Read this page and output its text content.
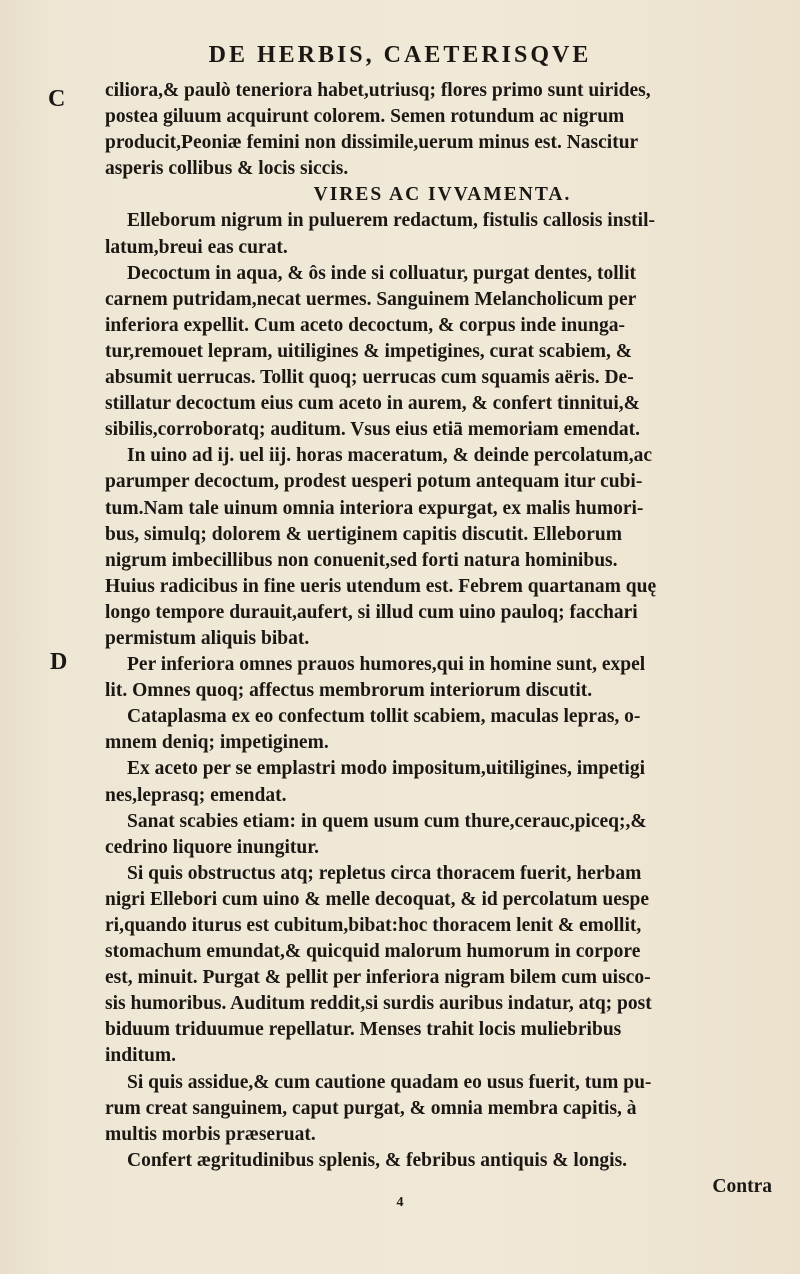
DE HERBIS, CAETERISQVE
C
D
ciliora,& paulò teneriora habet,utriusq; flores primo sunt uirides,
postea giluum acquirunt colorem. Semen rotundum ac nigrum
producit,Peoniæ femini non dissimile,uerum minus est. Nascitur
asperis collibus & locis siccis.
VIRES AC IVVAMENTA.
Elleborum nigrum in puluerem redactum, fistulis callosis instil-
latum,breui eas curat.
Decoctum in aqua, & ôs inde si colluatur, purgat dentes, tollit
carnem putridam,necat uermes. Sanguinem Melancholicum per
inferiora expellit. Cum aceto decoctum, & corpus inde inunga-
tur,remouet lepram, uitiligines & impetigines, curat scabiem, &
absumit uerrucas. Tollit quoq; uerrucas cum squamis aëris. De-
stillatur decoctum eius cum aceto in aurem, & confert tinnitui,&
sibilis,corroboratq; auditum. Vsus eius etiā memoriam emendat.
In uino ad ij. uel iij. horas maceratum, & deinde percolatum,ac
parumper decoctum, prodest uesperi potum antequam itur cubi-
tum.Nam tale uinum omnia interiora expurgat, ex malis humori-
bus, simulq; dolorem & uertiginem capitis discutit. Elleborum
nigrum imbecillibus non conuenit,sed forti natura hominibus.
Huius radicibus in fine ueris utendum est. Febrem quartanam quę
longo tempore durauit,aufert, si illud cum uino pauloq; facchari
permistum aliquis bibat.
Per inferiora omnes prauos humores,qui in homine sunt, expel
lit. Omnes quoq; affectus membrorum interiorum discutit.
Cataplasma ex eo confectum tollit scabiem, maculas lepras, o-
mnem deniq; impetiginem.
Ex aceto per se emplastri modo impositum,uitiligines, impetigi
nes,leprasq; emendat.
Sanat scabies etiam: in quem usum cum thure,cerauc,piceq;,&
cedrino liquore inungitur.
Si quis obstructus atq; repletus circa thoracem fuerit, herbam
nigri Ellebori cum uino & melle decoquat, & id percolatum uespe
ri,quando iturus est cubitum,bibat:hoc thoracem lenit & emollit,
stomachum emundat,& quicquid malorum humorum in corpore
est, minuit. Purgat & pellit per inferiora nigram bilem cum uisco-
sis humoribus. Auditum reddit,si surdis auribus indatur, atq; post
biduum triduumue repellatur. Menses trahit locis muliebribus
inditum.
Si quis assidue,& cum cautione quadam eo usus fuerit, tum pu-
rum creat sanguinem, caput purgat, & omnia membra capitis, à
multis morbis præseruat.
Confert ægritudinibus splenis, & febribus antiquis & longis.
Contra
4
